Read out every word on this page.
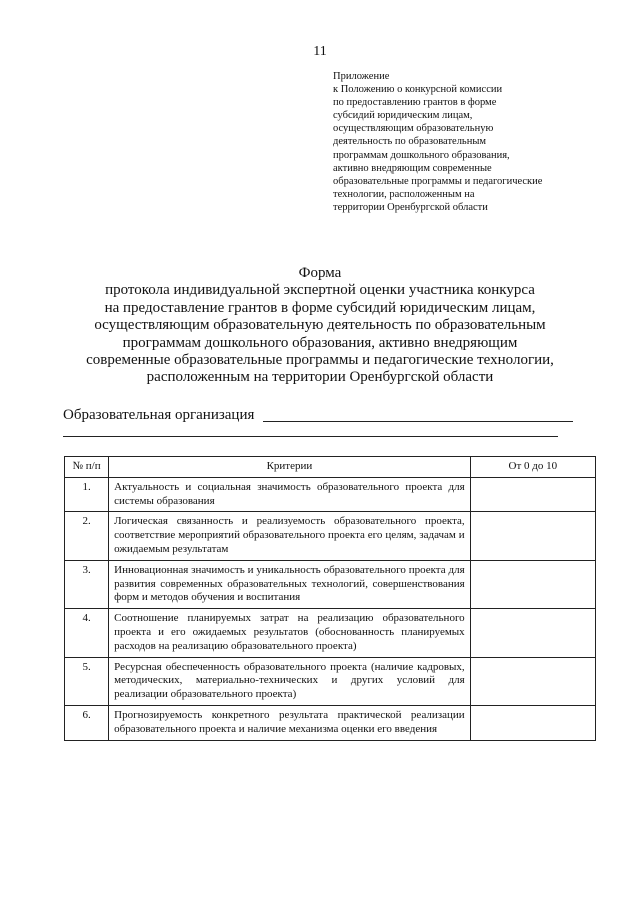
11
Приложение
к Положению о конкурсной комиссии
по предоставлению грантов в форме
субсидий юридическим лицам,
осуществляющим образовательную
деятельность по образовательным
программам дошкольного образования,
активно внедряющим современные
образовательные программы и педагогические
технологии, расположенным на
территории Оренбургской области
Форма
протокола индивидуальной экспертной оценки участника конкурса
на предоставление грантов в форме субсидий юридическим лицам,
осуществляющим образовательную деятельность по образовательным
программам дошкольного образования, активно внедряющим
современные образовательные программы и педагогические технологии,
расположенным на территории Оренбургской области
Образовательная организация
№ п/п	Критерии	От 0 до 10
1.	Актуальность и социальная значимость образовательного проекта для системы образования	
2.	Логическая связанность и реализуемость образовательного проекта, соответствие мероприятий образовательного проекта его целям, задачам и ожидаемым результатам	
3.	Инновационная значимость и уникальность образовательного проекта для развития современных образовательных технологий, совершенствования форм и методов обучения и воспитания	
4.	Соотношение планируемых затрат на реализацию образовательного проекта и его ожидаемых результатов (обоснованность планируемых расходов на реализацию образовательного проекта)	
5.	Ресурсная обеспеченность образовательного проекта (наличие кадровых, методических, материально-технических и других условий для реализации образовательного проекта)	
6.	Прогнозируемость конкретного результата практической реализации образовательного проекта и наличие механизма оценки его введения	
